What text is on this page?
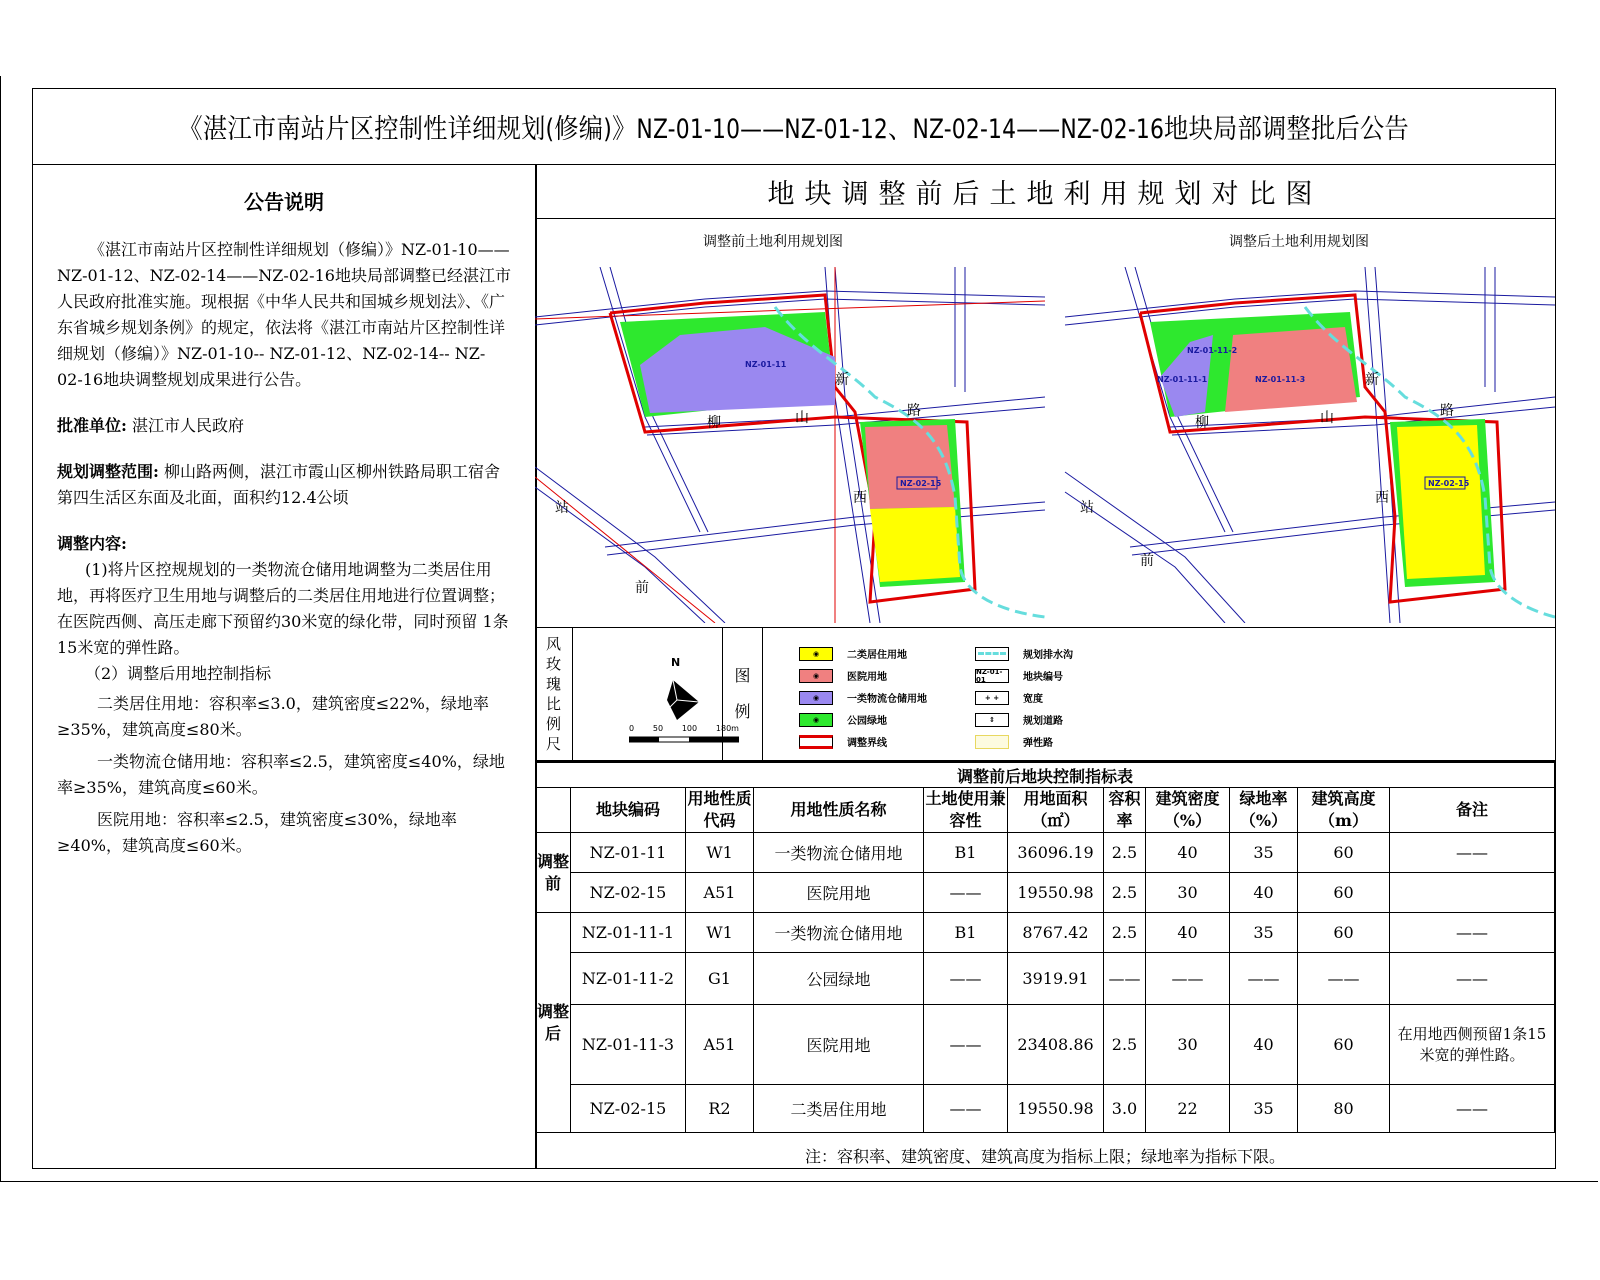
《湛江市南站片区控制性详细规划(修编)》NZ-01-10——NZ-01-12、NZ-02-14——NZ-02-16地块局部调整批后公告
公告说明

《湛江市南站片区控制性详细规划（修编）》NZ-01-10——NZ-01-12、NZ-02-14——NZ-02-16地块局部调整已经湛江市人民政府批准实施。现根据《中华人民共和国城乡规划法》、《广东省城乡规划条例》的规定，依法将《湛江市南站片区控制性详细规划（修编）》NZ-01-10-- NZ-01-12、NZ-02-14-- NZ-02-16地块调整规划成果进行公告。

批准单位: 湛江市人民政府

规划调整范围: 柳山路两侧，湛江市霞山区柳州铁路局职工宿舍第四生活区东面及北面，面积约12.4公顷

调整内容:

(1)将片区控规规划的一类物流仓储用地调整为二类居住用地，再将医疗卫生用地与调整后的二类居住用地进行位置调整；在医院西侧、高压走廊下预留约30米宽的绿化带，同时预留 1条15米宽的弹性路。

（2）调整后用地控制指标

二类居住用地：容积率≤3.0，建筑密度≤22%，绿地率≥35%，建筑高度≤80米。

一类物流仓储用地：容积率≤2.5，建筑密度≤40%，绿地率≥35%，建筑高度≤60米。

医院用地：容积率≤2.5，建筑密度≤30%，绿地率≥40%，建筑高度≤60米。

地块调整前后土地利用规划对比图
调整前土地利用规划图	调整后土地利用规划图
NZ-01-11
NZ-02-15
新
柳	山	路
西
站
前
NZ-01-11-2
NZ-01-11-1	NZ-01-11-3
NZ-02-15
新
柳	山	路
西
站
前
风
玫
瑰
比
例
尺
N
0 50 100 180m
图
例
◉	二类居住用地
◉	医院用地
◉	一类物流仓储用地
◉	公园绿地
调整界线
规划排水沟
NZ-01-01	地块编号
+ +	宽度
⇕	规划道路
弹性路
调整前后地块控制指标表										
	地块编码	用地性质代码	用地性质名称	土地使用兼容性	用地面积（㎡）	容积率	建筑密度（%）	绿地率（%）	建筑高度（m）	备注
调整前	NZ-01-11	W1	一类物流仓储用地	B1	36096.19	2.5	40	35	60	——
	NZ-02-15	A51	医院用地	——	19550.98	2.5	30	40	60	
调整后	NZ-01-11-1	W1	一类物流仓储用地	B1	8767.42	2.5	40	35	60	——
	NZ-01-11-2	G1	公园绿地	——	3919.91	——	——	——	——	——
	NZ-01-11-3	A51	医院用地	——	23408.86	2.5	30	40	60	在用地西侧预留1条15米宽的弹性路。
	NZ-02-15	R2	二类居住用地	——	19550.98	3.0	22	35	80	——
注：容积率、建筑密度、建筑高度为指标上限；绿地率为指标下限。										
